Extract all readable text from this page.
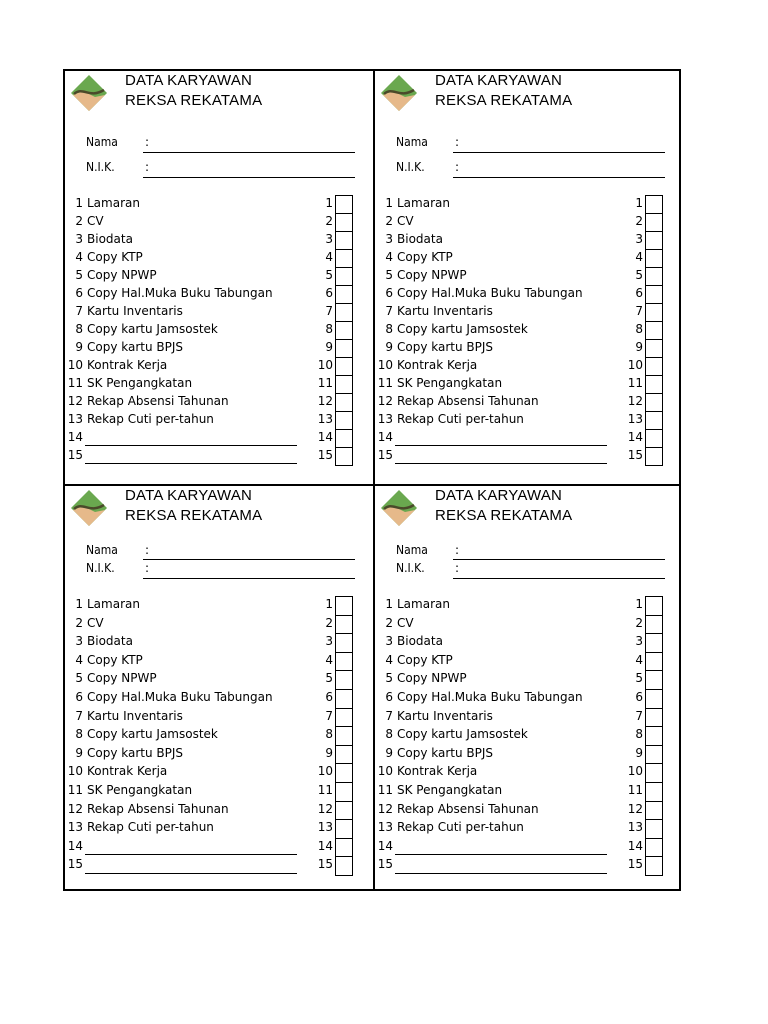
DATA KARYAWAN
REKSA REKATAMA
Nama :
N.I.K.	:
1 Lamaran	1
2 CV	2
3 Biodata	3
4 Copy KTP	4
5 Copy NPWP	5
6 Copy Hal.Muka Buku Tabungan	6
7 Kartu Inventaris	7
8 Copy kartu Jamsostek	8
9 Copy kartu BPJS	9
10 Kontrak Kerja	10
11 SK Pengangkatan	11
12 Rekap Absensi Tahunan	12
13 Rekap Cuti per-tahun	13
14	14
15	15
DATA KARYAWAN
REKSA REKATAMA
Nama :
N.I.K.	:
1 Lamaran	1
2 CV	2
3 Biodata	3
4 Copy KTP	4
5 Copy NPWP	5
6 Copy Hal.Muka Buku Tabungan	6
7 Kartu Inventaris	7
8 Copy kartu Jamsostek	8
9 Copy kartu BPJS	9
10 Kontrak Kerja	10
11 SK Pengangkatan	11
12 Rekap Absensi Tahunan	12
13 Rekap Cuti per-tahun	13
14	14
15	15
DATA KARYAWAN
REKSA REKATAMA
Nama :
N.I.K.	:
1 Lamaran	1
2 CV	2
3 Biodata	3
4 Copy KTP	4
5 Copy NPWP	5
6 Copy Hal.Muka Buku Tabungan	6
7 Kartu Inventaris	7
8 Copy kartu Jamsostek	8
9 Copy kartu BPJS	9
10 Kontrak Kerja	10
11 SK Pengangkatan	11
12 Rekap Absensi Tahunan	12
13 Rekap Cuti per-tahun	13
14	14
15	15
DATA KARYAWAN
REKSA REKATAMA
Nama :
N.I.K.	:
1 Lamaran	1
2 CV	2
3 Biodata	3
4 Copy KTP	4
5 Copy NPWP	5
6 Copy Hal.Muka Buku Tabungan	6
7 Kartu Inventaris	7
8 Copy kartu Jamsostek	8
9 Copy kartu BPJS	9
10 Kontrak Kerja	10
11 SK Pengangkatan	11
12 Rekap Absensi Tahunan	12
13 Rekap Cuti per-tahun	13
14	14
15	15
